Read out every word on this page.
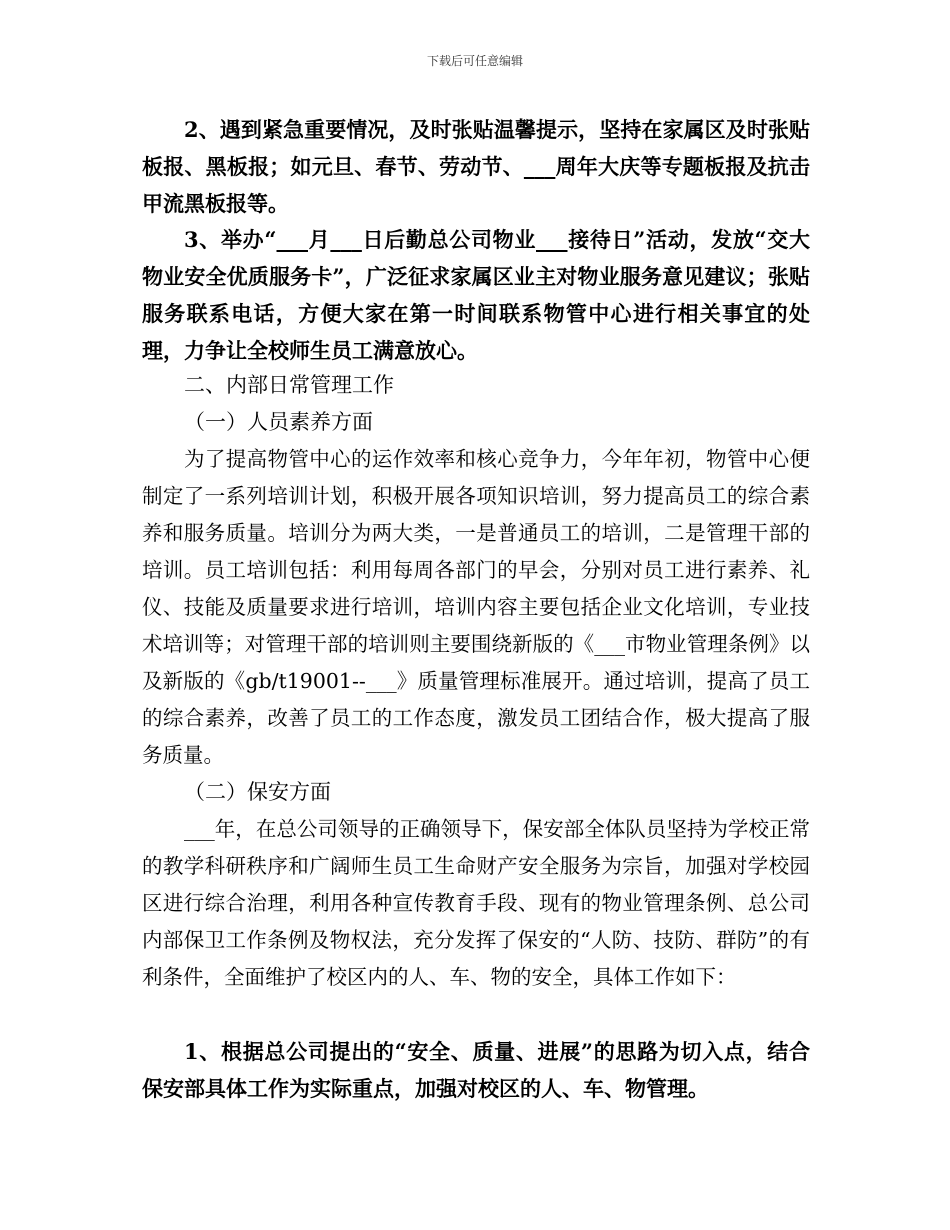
下载后可任意编辑

2、遇到紧急重要情况，及时张贴温馨提示，坚持在家属区及时张贴板报、黑板报；如元旦、春节、劳动节、___周年大庆等专题板报及抗击甲流黑板报等。

3、举办“___月___日后勤总公司物业___接待日”活动，发放“交大物业安全优质服务卡”，广泛征求家属区业主对物业服务意见建议；张贴服务联系电话，方便大家在第一时间联系物管中心进行相关事宜的处理，力争让全校师生员工满意放心。

二、内部日常管理工作

（一）人员素养方面

为了提高物管中心的运作效率和核心竞争力，今年年初，物管中心便制定了一系列培训计划，积极开展各项知识培训，努力提高员工的综合素养和服务质量。培训分为两大类，一是普通员工的培训，二是管理干部的培训。员工培训包括：利用每周各部门的早会，分别对员工进行素养、礼仪、技能及质量要求进行培训，培训内容主要包括企业文化培训，专业技术培训等；对管理干部的培训则主要围绕新版的《___市物业管理条例》以及新版的《gb/t19001--___》质量管理标准展开。通过培训，提高了员工的综合素养，改善了员工的工作态度，激发员工团结合作，极大提高了服务质量。

（二）保安方面

___年，在总公司领导的正确领导下，保安部全体队员坚持为学校正常的教学科研秩序和广阔师生员工生命财产安全服务为宗旨，加强对学校园区进行综合治理，利用各种宣传教育手段、现有的物业管理条例、总公司内部保卫工作条例及物权法，充分发挥了保安的“人防、技防、群防”的有利条件，全面维护了校区内的人、车、物的安全，具体工作如下：

1、根据总公司提出的“安全、质量、进展”的思路为切入点，结合保安部具体工作为实际重点，加强对校区的人、车、物管理。
